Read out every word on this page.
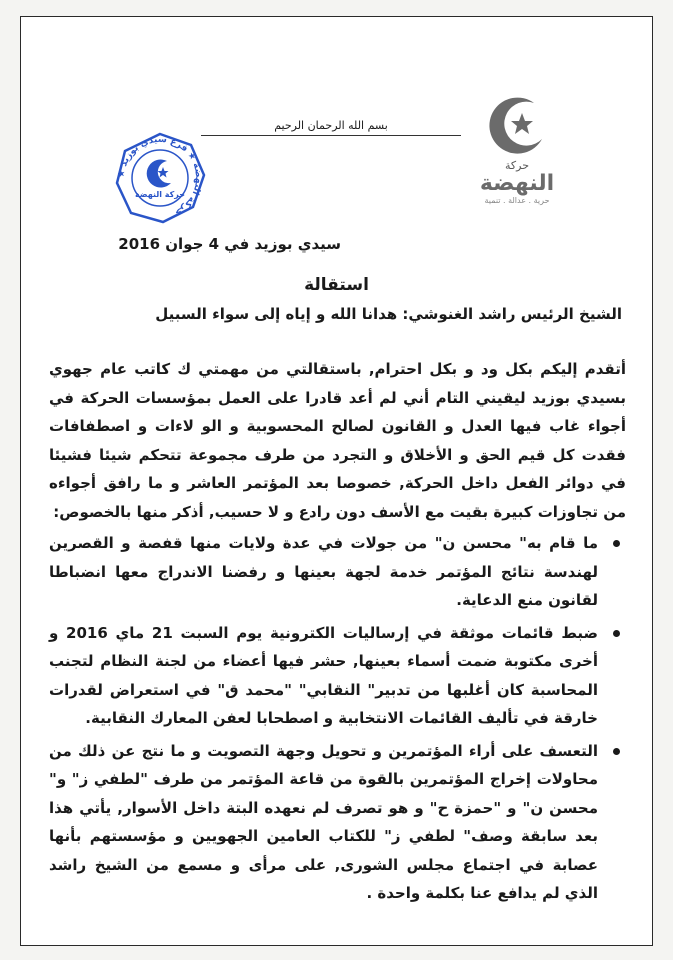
حركة
النهضة
حرية . عدالة . تنمية
بسم الله الرحمان الرحيم
★ حركة النهضة ★ فرع سيدي بوزيد
حركة النهضة
سيدي بوزيد في 4 جوان 2016
استقالة
الشيخ الرئيس راشد الغنوشي: هدانا الله و إياه إلى سواء السبيل

أتقدم إليكم بكل ود و بكل احترام, باستقالتي من مهمتي ك كاتب عام جهوي بسيدي بوزيد ليقيني التام أني لم أعد قادرا على العمل بمؤسسات الحركة في أجواء غاب فيها العدل و القانون لصالح المحسوبية و الو لاءات و اصطفافات فقدت كل قيم الحق و الأخلاق و التجرد من طرف مجموعة تتحكم شيئا فشيئا في دوائر الفعل داخل الحركة, خصوصا بعد المؤتمر العاشر و ما رافق أجواءه من تجاوزات كبيرة بقيت مع الأسف دون رادع و لا حسيب, أذكر منها بالخصوص:

ما قام به" محسن ن" من جولات في عدة ولايات منها قفصة و القصرين لهندسة نتائج المؤتمر خدمة لجهة بعينها و رفضنا الاندراج معها انضباطا لقانون منع الدعاية.
ضبط قائمات موثقة في إرساليات الكترونية يوم السبت 21 ماي 2016 و أخرى مكتوبة ضمت أسماء بعينها, حشر فيها أعضاء من لجنة النظام لتجنب المحاسبة كان أغلبها من تدبير" النقابي" "محمد ق" في استعراض لقدرات خارقة في تأليف القائمات الانتخابية و اصطحابا لعفن المعارك النقابية.
التعسف على أراء المؤتمرين و تحويل وجهة التصويت و ما نتج عن ذلك من محاولات إخراج المؤتمرين بالقوة من قاعة المؤتمر من طرف "لطفي ز" و" محسن ن" و "حمزة ح" و هو تصرف لم نعهده البتة داخل الأسوار, يأتي هذا بعد سابقة وصف" لطفي ز" للكتاب العامين الجهويين و مؤسستهم بأنها عصابة في اجتماع مجلس الشورى, على مرأى و مسمع من الشيخ راشد الذي لم يدافع عنا بكلمة واحدة .
